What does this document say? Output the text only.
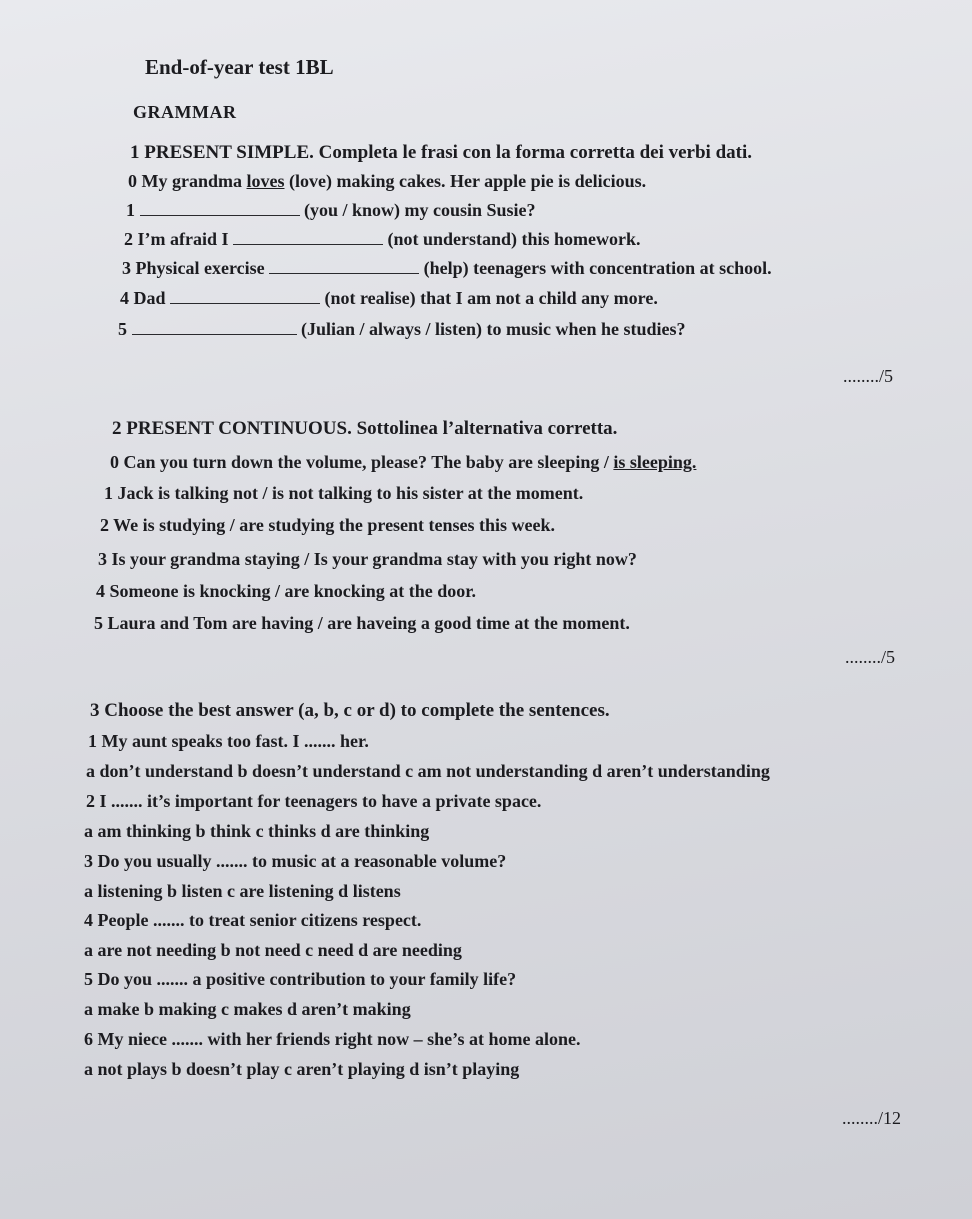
End-of-year test 1BL
GRAMMAR
1 PRESENT SIMPLE. Completa le frasi con la forma corretta dei verbi dati.
0 My grandma loves (love) making cakes. Her apple pie is delicious.
1	(you / know) my cousin Susie?
2 I’m afraid I	(not understand) this homework.
3 Physical exercise	(help) teenagers with concentration at school.
4 Dad	(not realise) that I am not a child any more.
5	(Julian / always / listen) to music when he studies?
......../5
2 PRESENT CONTINUOUS. Sottolinea l’alternativa corretta.
0 Can you turn down the volume, please? The baby are sleeping / is sleeping.
1 Jack is talking not / is not talking to his sister at the moment.
2 We is studying / are studying the present tenses this week.
3 Is your grandma staying / Is your grandma stay with you right now?
4 Someone is knocking / are knocking at the door.
5 Laura and Tom are having / are haveing a good time at the moment.
......../5
3 Choose the best answer (a, b, c or d) to complete the sentences.
1 My aunt speaks too fast. I ....... her.
a don’t understand b doesn’t understand c am not understanding d aren’t understanding
2 I ....... it’s important for teenagers to have a private space.
a am thinking b think c thinks d are thinking
3 Do you usually ....... to music at a reasonable volume?
a listening b listen c are listening d listens
4 People ....... to treat senior citizens respect.
a are not needing b not need c need d are needing
5 Do you ....... a positive contribution to your family life?
a make b making c makes d aren’t making
6 My niece ....... with her friends right now – she’s at home alone.
a not plays b doesn’t play c aren’t playing d isn’t playing
......../12
